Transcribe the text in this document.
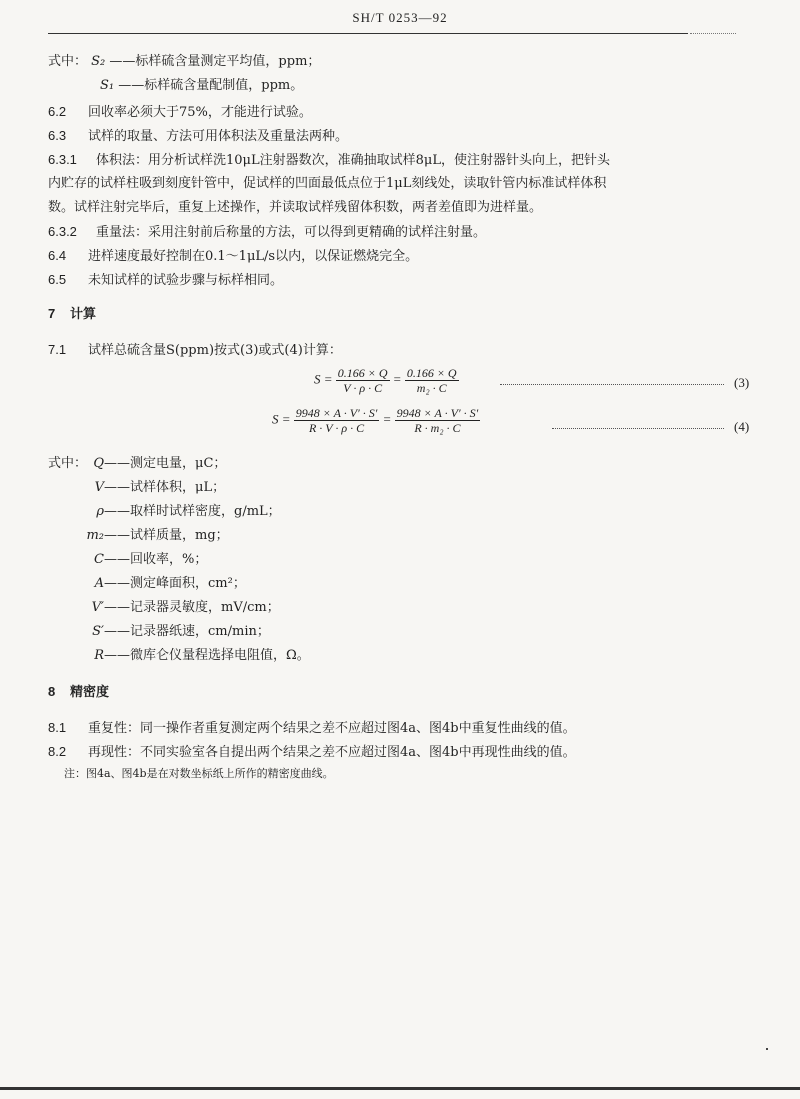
SH/T 0253—92
式中： S₂ ——标样硫含量测定平均值，ppm；
S₁ ——标样硫含量配制值，ppm。
6.2 回收率必须大于75%，才能进行试验。
6.3 试样的取量、方法可用体积法及重量法两种。
6.3.1 体积法：用分析试样洗10μL注射器数次，准确抽取试样8μL，使注射器针头向上，把针头
内贮存的试样柱吸到刻度针管中，促试样的凹面最低点位于1μL刻线处，读取针管内标准试样体积
数。试样注射完毕后，重复上述操作，并读取试样残留体积数，两者差值即为进样量。
6.3.2 重量法：采用注射前后称量的方法，可以得到更精确的试样注射量。
6.4 进样速度最好控制在0.1～1μL/s以内，以保证燃烧完全。
6.5 未知试样的试验步骤与标样相同。
7 计算
7.1 试样总硫含量S(ppm)按式(3)或式(4)计算：
$S = \frac{0.166 \times Q}{V \cdot \rho \cdot C} = \frac{0.166 \times Q}{\text{m₂ · C}}$	(3)
$S = \frac{9948 \times A \cdot V' \cdot S'}{R \cdot V \cdot \rho \cdot C} = \frac{9948 \times A \cdot V' \cdot S'}{\text{R · m₂ · C}}$	(4)
式中： Q——测定电量，μC；
V——试样体积，μL；
ρ——取样时试样密度，g/mL；
m₂——试样质量，mg；
C——回收率，%；
A——测定峰面积，cm²；
V′——记录器灵敏度，mV/cm；
S′——记录器纸速，cm/min；
R——微库仑仪量程选择电阻值，Ω。
8 精密度
8.1 重复性：同一操作者重复测定两个结果之差不应超过图4a、图4b中重复性曲线的值。
8.2 再现性：不同实验室各自提出两个结果之差不应超过图4a、图4b中再现性曲线的值。
注：图4a、图4b是在对数坐标纸上所作的精密度曲线。
